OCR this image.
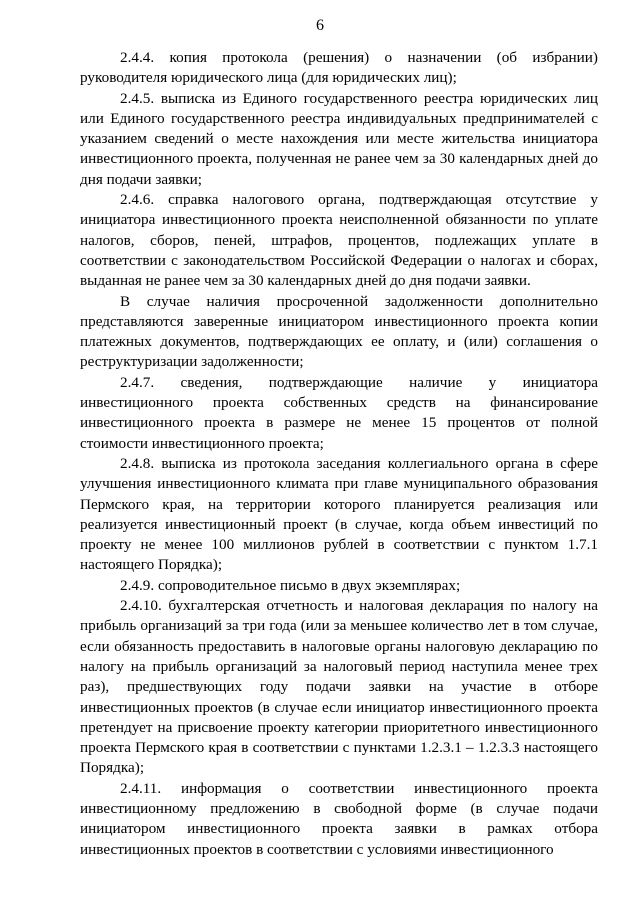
6

2.4.4. копия протокола (решения) о назначении (об избрании) руководителя юридического лица (для юридических лиц);

2.4.5. выписка из Единого государственного реестра юридических лиц или Единого государственного реестра индивидуальных предпринимателей с указанием сведений о месте нахождения или месте жительства инициатора инвестиционного проекта, полученная не ранее чем за 30 календарных дней до дня подачи заявки;

2.4.6. справка налогового органа, подтверждающая отсутствие у инициатора инвестиционного проекта неисполненной обязанности по уплате налогов, сборов, пеней, штрафов, процентов, подлежащих уплате в соответствии с законодательством Российской Федерации о налогах и сборах, выданная не ранее чем за 30 календарных дней до дня подачи заявки.

В случае наличия просроченной задолженности дополнительно представляются заверенные инициатором инвестиционного проекта копии платежных документов, подтверждающих ее оплату, и (или) соглашения о реструктуризации задолженности;

2.4.7. сведения, подтверждающие наличие у инициатора инвестиционного проекта собственных средств на финансирование инвестиционного проекта в размере не менее 15 процентов от полной стоимости инвестиционного проекта;

2.4.8. выписка из протокола заседания коллегиального органа в сфере улучшения инвестиционного климата при главе муниципального образования Пермского края, на территории которого планируется реализация или реализуется инвестиционный проект (в случае, когда объем инвестиций по проекту не менее 100 миллионов рублей в соответствии с пунктом 1.7.1 настоящего Порядка);

2.4.9. сопроводительное письмо в двух экземплярах;

2.4.10. бухгалтерская отчетность и налоговая декларация по налогу на прибыль организаций за три года (или за меньшее количество лет в том случае, если обязанность предоставить в налоговые органы налоговую декларацию по налогу на прибыль организаций за налоговый период наступила менее трех раз), предшествующих году подачи заявки на участие в отборе инвестиционных проектов (в случае если инициатор инвестиционного проекта претендует на присвоение проекту категории приоритетного инвестиционного проекта Пермского края в соответствии с пунктами 1.2.3.1 – 1.2.3.3 настоящего Порядка);

2.4.11. информация о соответствии инвестиционного проекта инвестиционному предложению в свободной форме (в случае подачи инициатором инвестиционного проекта заявки в рамках отбора инвестиционных проектов в соответствии с условиями инвестиционного
